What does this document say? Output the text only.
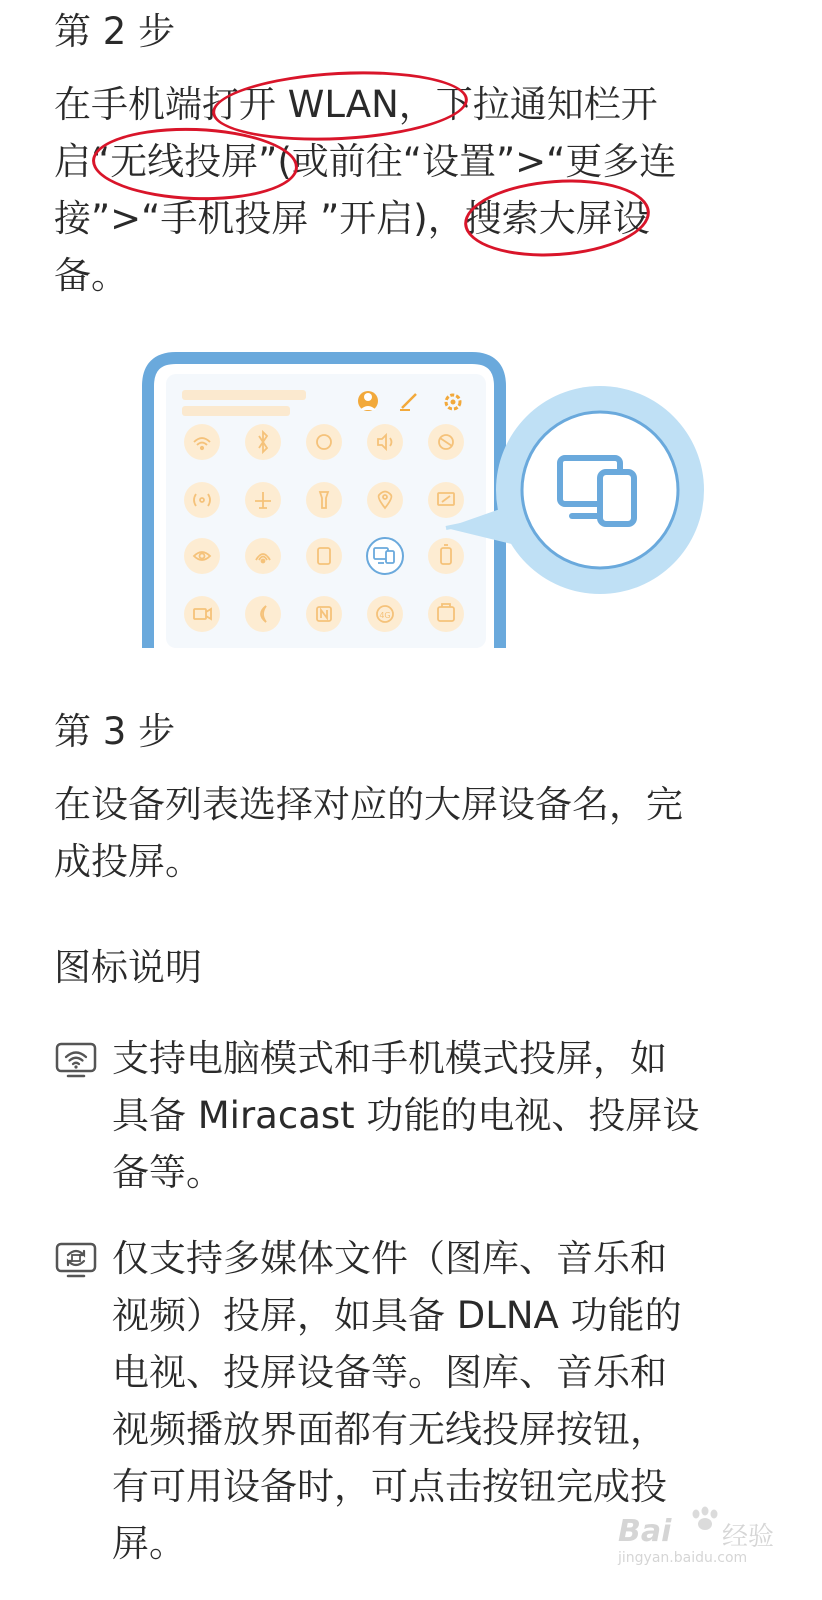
第 2 步
在手机端打开 WLAN，下拉通知栏开
启“无线投屏”(或前往“设置”>“更多连
接”>“手机投屏 ”开启)，搜索大屏设
备。
4G
第 3 步
在设备列表选择对应的大屏设备名，完
成投屏。
图标说明
支持电脑模式和手机模式投屏，如
具备 Miracast 功能的电视、投屏设
备等。
仅支持多媒体文件（图库、音乐和
视频）投屏，如具备 DLNA 功能的
电视、投屏设备等。图库、音乐和
视频播放界面都有无线投屏按钮，
有可用设备时，可点击按钮完成投
屏。	Bai 经验
jingyan.baidu.com
